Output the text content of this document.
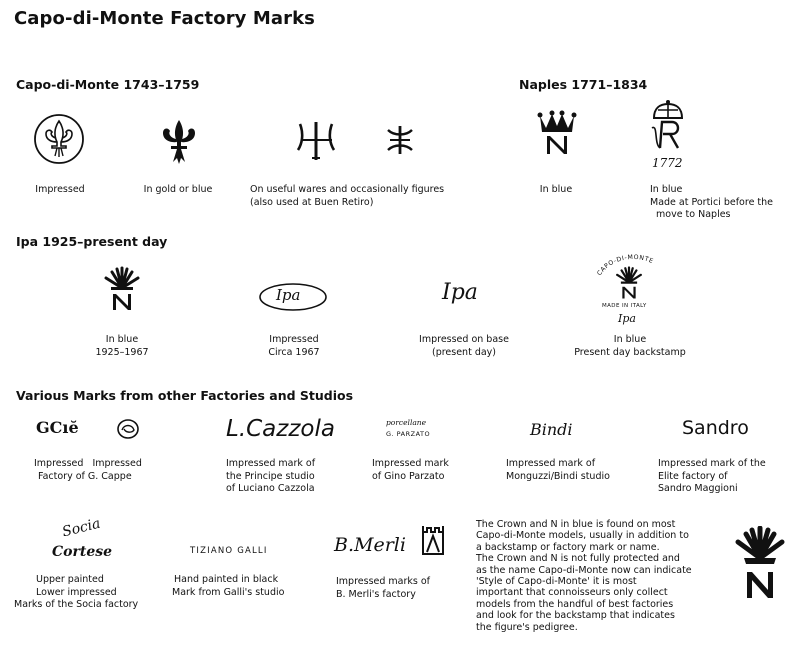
Capo-di-Monte Factory Marks
Capo-di-Monte 1743–1759	Naples 1771–1834
Impressed	In gold or blue	On useful wares and occasionally figures
(also used at Buen Retiro)
In blue
1772
In blue
Made at Portici before the
move to Naples
Ipa 1925–present day
In blue
1925–1967
Ipa
Impressed
Circa 1967
Ipa
Impressed on base
(present day)
CAPO-DI-MONTE
MADE IN ITALY
Ipa
In blue
Present day backstamp
Various Marks from other Factories and Studios
GCıĕ
Impressed Impressed
Factory of G. Cappe
L.Cazzola
Impressed mark of
the Principe studio
of Luciano Cazzola
porcellane
G. PARZATO
Impressed mark
of Gino Parzato
Bindi
Impressed mark of
Monguzzi/Bindi studio
Sandro
Impressed mark of the
Elite factory of
Sandro Maggioni
Socia
Cortese
Upper painted
Lower impressed
Marks of the Socia factory
TIZIANO GALLI
Hand painted in black
Mark from Galli's studio
B.Merli
Impressed marks of
B. Merli's factory
The Crown and N in blue is found on most
Capo-di-Monte models, usually in addition to
a backstamp or factory mark or name.
The Crown and N is not fully protected and
as the name Capo-di-Monte now can indicate
'Style of Capo-di-Monte' it is most
important that connoisseurs only collect
models from the handful of best factories
and look for the backstamp that indicates
the figure's pedigree.
